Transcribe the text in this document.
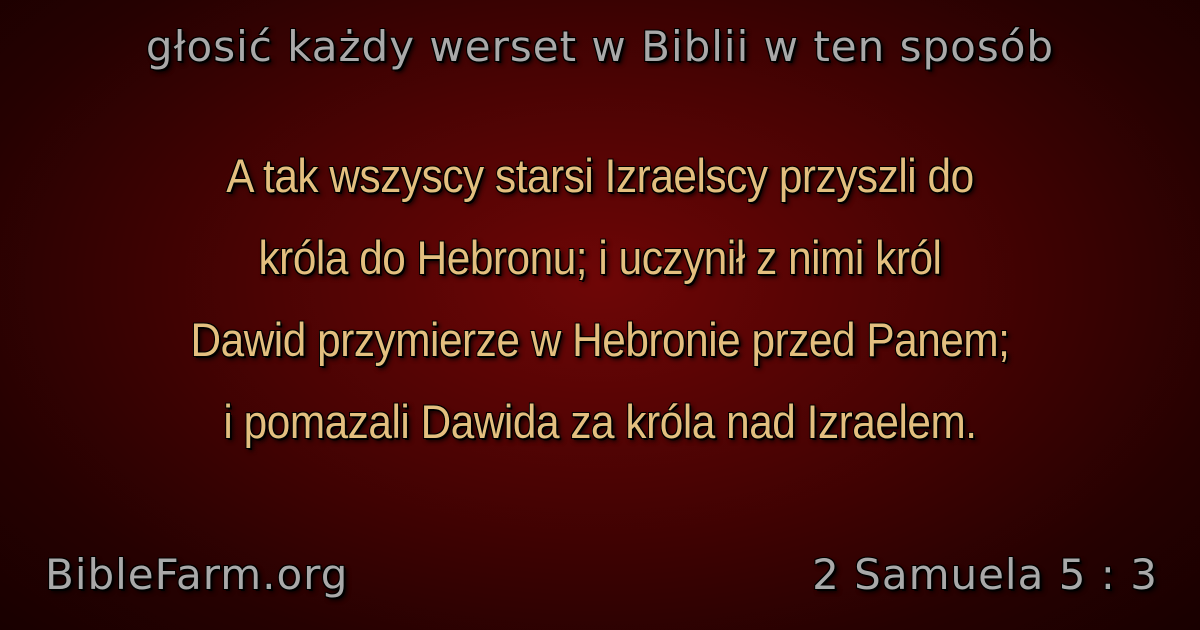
głosić każdy werset w Biblii w ten sposób
A tak wszyscy starsi Izraelscy przyszli do
króla do Hebronu; i uczynił z nimi król
Dawid przymierze w Hebronie przed Panem;
i pomazali Dawida za króla nad Izraelem.
BibleFarm.org	2 Samuela 5 : 3
